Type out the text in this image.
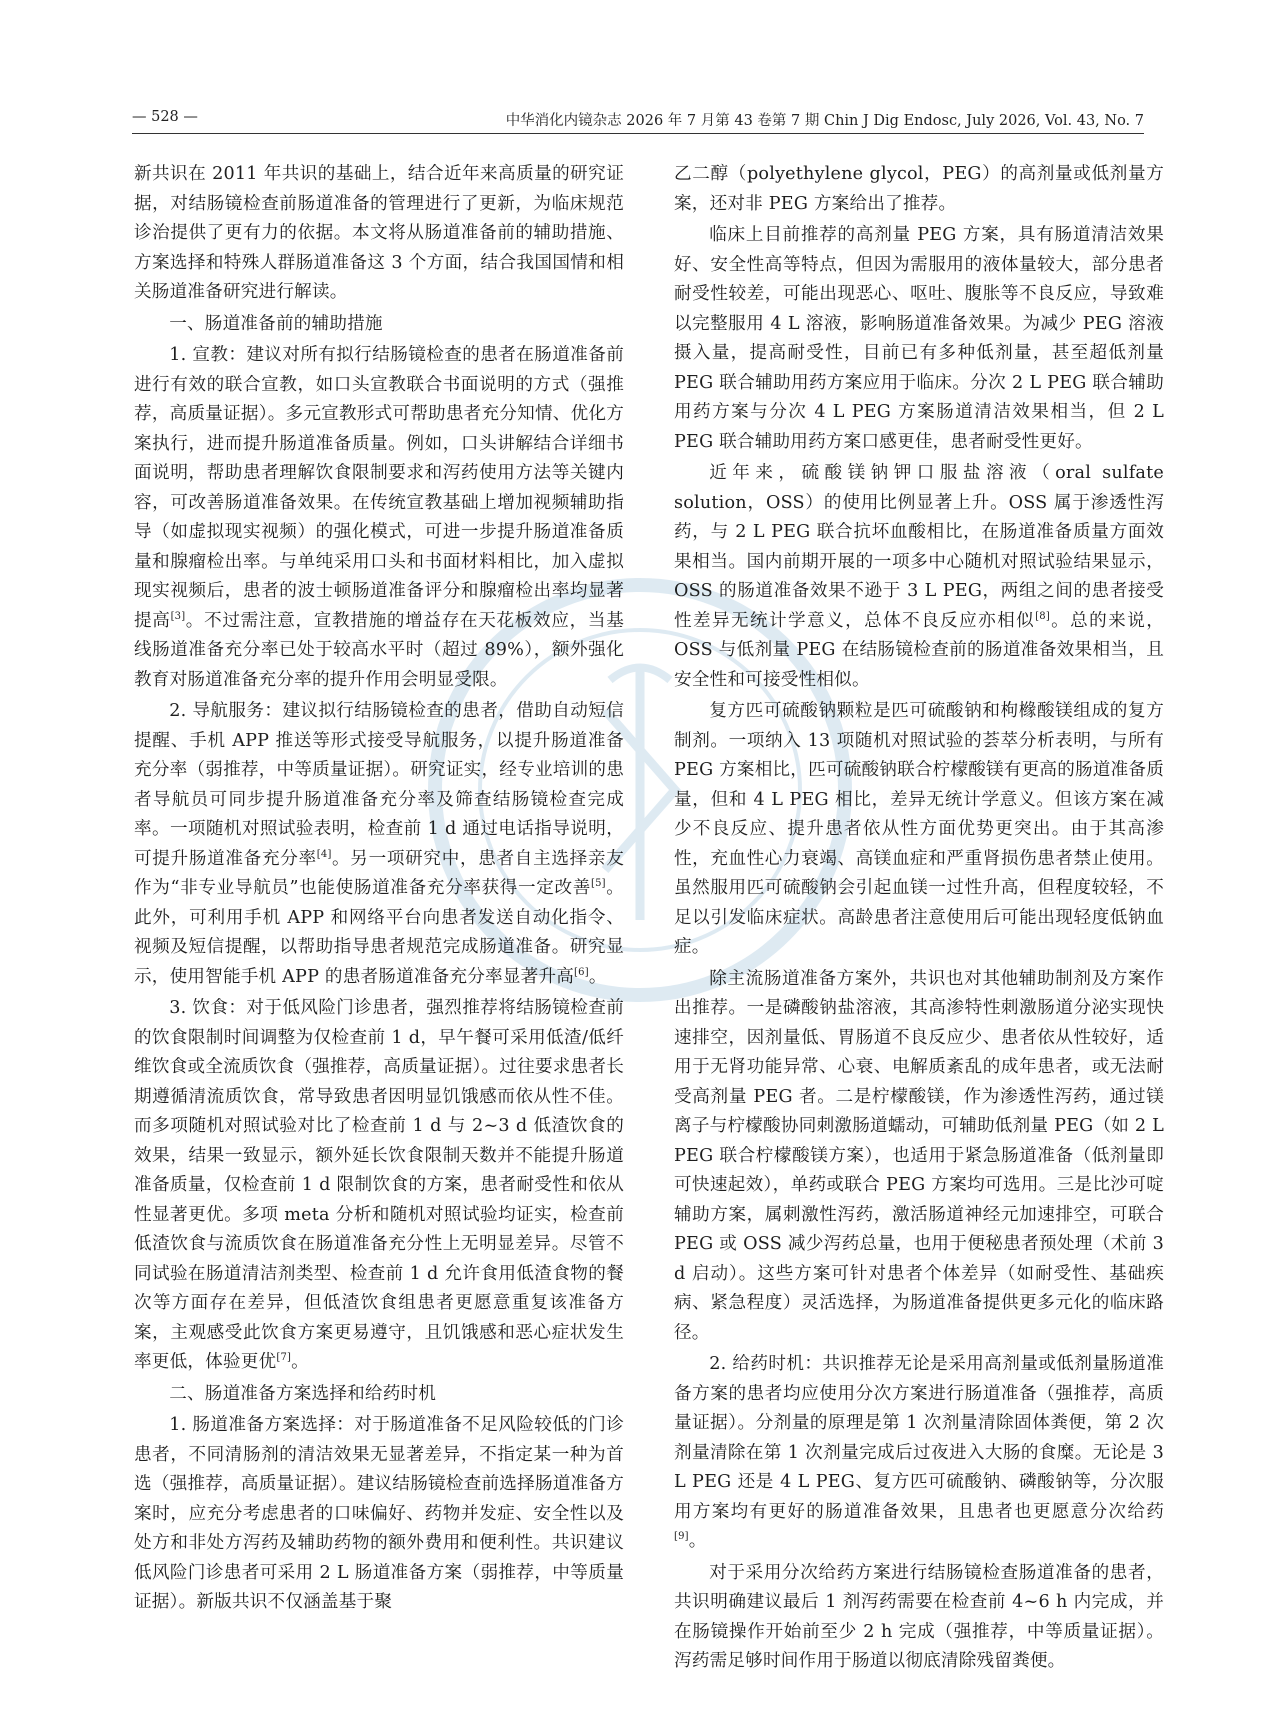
— 528 —	中华消化内镜杂志 2026 年 7 月第 43 卷第 7 期 Chin J Dig Endosc, July 2026, Vol. 43, No. 7

新共识在 2011 年共识的基础上，结合近年来高质量的研究证据，对结肠镜检查前肠道准备的管理进行了更新，为临床规范诊治提供了更有力的依据。本文将从肠道准备前的辅助措施、方案选择和特殊人群肠道准备这 3 个方面，结合我国国情和相关肠道准备研究进行解读。

一、肠道准备前的辅助措施

1. 宣教：建议对所有拟行结肠镜检查的患者在肠道准备前进行有效的联合宣教，如口头宣教联合书面说明的方式（强推荐，高质量证据）。多元宣教形式可帮助患者充分知情、优化方案执行，进而提升肠道准备质量。例如，口头讲解结合详细书面说明，帮助患者理解饮食限制要求和泻药使用方法等关键内容，可改善肠道准备效果。在传统宣教基础上增加视频辅助指导（如虚拟现实视频）的强化模式，可进一步提升肠道准备质量和腺瘤检出率。与单纯采用口头和书面材料相比，加入虚拟现实视频后，患者的波士顿肠道准备评分和腺瘤检出率均显著提高[3]。不过需注意，宣教措施的增益存在天花板效应，当基线肠道准备充分率已处于较高水平时（超过 89%），额外强化教育对肠道准备充分率的提升作用会明显受限。

2. 导航服务：建议拟行结肠镜检查的患者，借助自动短信提醒、手机 APP 推送等形式接受导航服务，以提升肠道准备充分率（弱推荐，中等质量证据）。研究证实，经专业培训的患者导航员可同步提升肠道准备充分率及筛查结肠镜检查完成率。一项随机对照试验表明，检查前 1 d 通过电话指导说明，可提升肠道准备充分率[4]。另一项研究中，患者自主选择亲友作为“非专业导航员”也能使肠道准备充分率获得一定改善[5]。此外，可利用手机 APP 和网络平台向患者发送自动化指令、视频及短信提醒，以帮助指导患者规范完成肠道准备。研究显示，使用智能手机 APP 的患者肠道准备充分率显著升高[6]。

3. 饮食：对于低风险门诊患者，强烈推荐将结肠镜检查前的饮食限制时间调整为仅检查前 1 d，早午餐可采用低渣/低纤维饮食或全流质饮食（强推荐，高质量证据）。过往要求患者长期遵循清流质饮食，常导致患者因明显饥饿感而依从性不佳。而多项随机对照试验对比了检查前 1 d 与 2~3 d 低渣饮食的效果，结果一致显示，额外延长饮食限制天数并不能提升肠道准备质量，仅检查前 1 d 限制饮食的方案，患者耐受性和依从性显著更优。多项 meta 分析和随机对照试验均证实，检查前低渣饮食与流质饮食在肠道准备充分性上无明显差异。尽管不同试验在肠道清洁剂类型、检查前 1 d 允许食用低渣食物的餐次等方面存在差异，但低渣饮食组患者更愿意重复该准备方案，主观感受此饮食方案更易遵守，且饥饿感和恶心症状发生率更低，体验更优[7]。

二、肠道准备方案选择和给药时机

1. 肠道准备方案选择：对于肠道准备不足风险较低的门诊患者，不同清肠剂的清洁效果无显著差异，不指定某一种为首选（强推荐，高质量证据）。建议结肠镜检查前选择肠道准备方案时，应充分考虑患者的口味偏好、药物并发症、安全性以及处方和非处方泻药及辅助药物的额外费用和便利性。共识建议低风险门诊患者可采用 2 L 肠道准备方案（弱推荐，中等质量证据）。新版共识不仅涵盖基于聚

乙二醇（polyethylene glycol，PEG）的高剂量或低剂量方案，还对非 PEG 方案给出了推荐。

临床上目前推荐的高剂量 PEG 方案，具有肠道清洁效果好、安全性高等特点，但因为需服用的液体量较大，部分患者耐受性较差，可能出现恶心、呕吐、腹胀等不良反应，导致难以完整服用 4 L 溶液，影响肠道准备效果。为减少 PEG 溶液摄入量，提高耐受性，目前已有多种低剂量，甚至超低剂量 PEG 联合辅助用药方案应用于临床。分次 2 L PEG 联合辅助用药方案与分次 4 L PEG 方案肠道清洁效果相当，但 2 L PEG 联合辅助用药方案口感更佳，患者耐受性更好。

近年来，硫酸镁钠钾口服盐溶液（oral sulfate solution，OSS）的使用比例显著上升。OSS 属于渗透性泻药，与 2 L PEG 联合抗坏血酸相比，在肠道准备质量方面效果相当。国内前期开展的一项多中心随机对照试验结果显示，OSS 的肠道准备效果不逊于 3 L PEG，两组之间的患者接受性差异无统计学意义，总体不良反应亦相似[8]。总的来说，OSS 与低剂量 PEG 在结肠镜检查前的肠道准备效果相当，且安全性和可接受性相似。

复方匹可硫酸钠颗粒是匹可硫酸钠和枸橼酸镁组成的复方制剂。一项纳入 13 项随机对照试验的荟萃分析表明，与所有 PEG 方案相比，匹可硫酸钠联合柠檬酸镁有更高的肠道准备质量，但和 4 L PEG 相比，差异无统计学意义。但该方案在减少不良反应、提升患者依从性方面优势更突出。由于其高渗性，充血性心力衰竭、高镁血症和严重肾损伤患者禁止使用。虽然服用匹可硫酸钠会引起血镁一过性升高，但程度较轻，不足以引发临床症状。高龄患者注意使用后可能出现轻度低钠血症。

除主流肠道准备方案外，共识也对其他辅助制剂及方案作出推荐。一是磷酸钠盐溶液，其高渗特性刺激肠道分泌实现快速排空，因剂量低、胃肠道不良反应少、患者依从性较好，适用于无肾功能异常、心衰、电解质紊乱的成年患者，或无法耐受高剂量 PEG 者。二是柠檬酸镁，作为渗透性泻药，通过镁离子与柠檬酸协同刺激肠道蠕动，可辅助低剂量 PEG（如 2 L PEG 联合柠檬酸镁方案），也适用于紧急肠道准备（低剂量即可快速起效），单药或联合 PEG 方案均可选用。三是比沙可啶辅助方案，属刺激性泻药，激活肠道神经元加速排空，可联合 PEG 或 OSS 减少泻药总量，也用于便秘患者预处理（术前 3 d 启动）。这些方案可针对患者个体差异（如耐受性、基础疾病、紧急程度）灵活选择，为肠道准备提供更多元化的临床路径。

2. 给药时机：共识推荐无论是采用高剂量或低剂量肠道准备方案的患者均应使用分次方案进行肠道准备（强推荐，高质量证据）。分剂量的原理是第 1 次剂量清除固体粪便，第 2 次剂量清除在第 1 次剂量完成后过夜进入大肠的食糜。无论是 3 L PEG 还是 4 L PEG、复方匹可硫酸钠、磷酸钠等，分次服用方案均有更好的肠道准备效果，且患者也更愿意分次给药[9]。

对于采用分次给药方案进行结肠镜检查肠道准备的患者，共识明确建议最后 1 剂泻药需要在检查前 4~6 h 内完成，并在肠镜操作开始前至少 2 h 完成（强推荐，中等质量证据）。泻药需足够时间作用于肠道以彻底清除残留粪便。
